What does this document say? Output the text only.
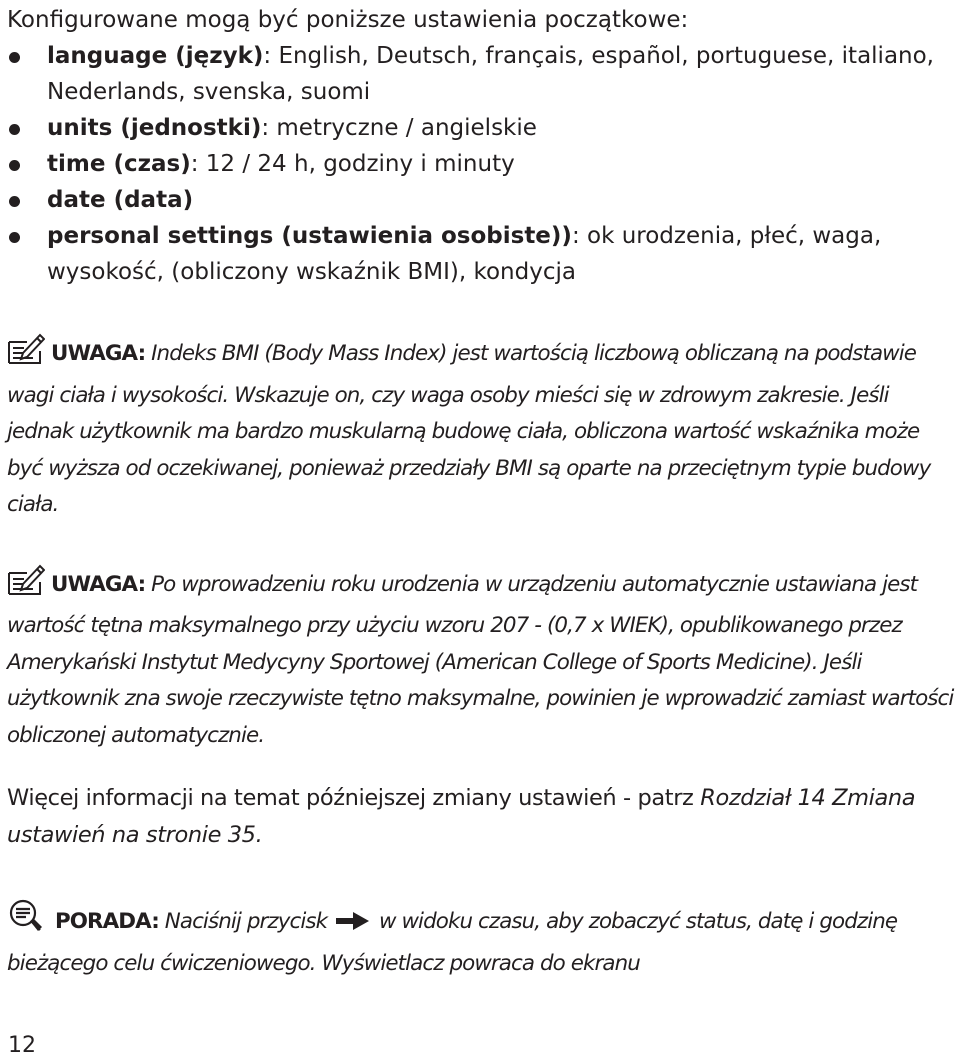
Konfigurowane mogą być poniższe ustawienia początkowe:

language (język): English, Deutsch, français, español, portuguese, italiano, Nederlands, svenska, suomi
units (jednostki): metryczne / angielskie
time (czas): 12 / 24 h, godziny i minuty
date (data)
personal settings (ustawienia osobiste)): ok urodzenia, płeć, waga, wysokość, (obliczony wskaźnik BMI), kondycja

UWAGA: Indeks BMI (Body Mass Index) jest wartością liczbową obliczaną na podstawie wagi ciała i wysokości. Wskazuje on, czy waga osoby mieści się w zdrowym zakresie. Jeśli jednak użytkownik ma bardzo muskularną budowę ciała, obliczona wartość wskaźnika może być wyższa od oczekiwanej, ponieważ przedziały BMI są oparte na przeciętnym typie budowy ciała.

UWAGA: Po wprowadzeniu roku urodzenia w urządzeniu automatycznie ustawiana jest wartość tętna maksymalnego przy użyciu wzoru 207 - (0,7 x WIEK), opublikowanego przez Amerykański Instytut Medycyny Sportowej (American College of Sports Medicine). Jeśli użytkownik zna swoje rzeczywiste tętno maksymalne, powinien je wprowadzić zamiast wartości obliczonej automatycznie.

Więcej informacji na temat późniejszej zmiany ustawień - patrz Rozdział 14 Zmiana ustawień na stronie 35.

PORADA: Naciśnij przycisk  w widoku czasu, aby zobaczyć status, datę i godzinę bieżącego celu ćwiczeniowego. Wyświetlacz powraca do ekranu

12
